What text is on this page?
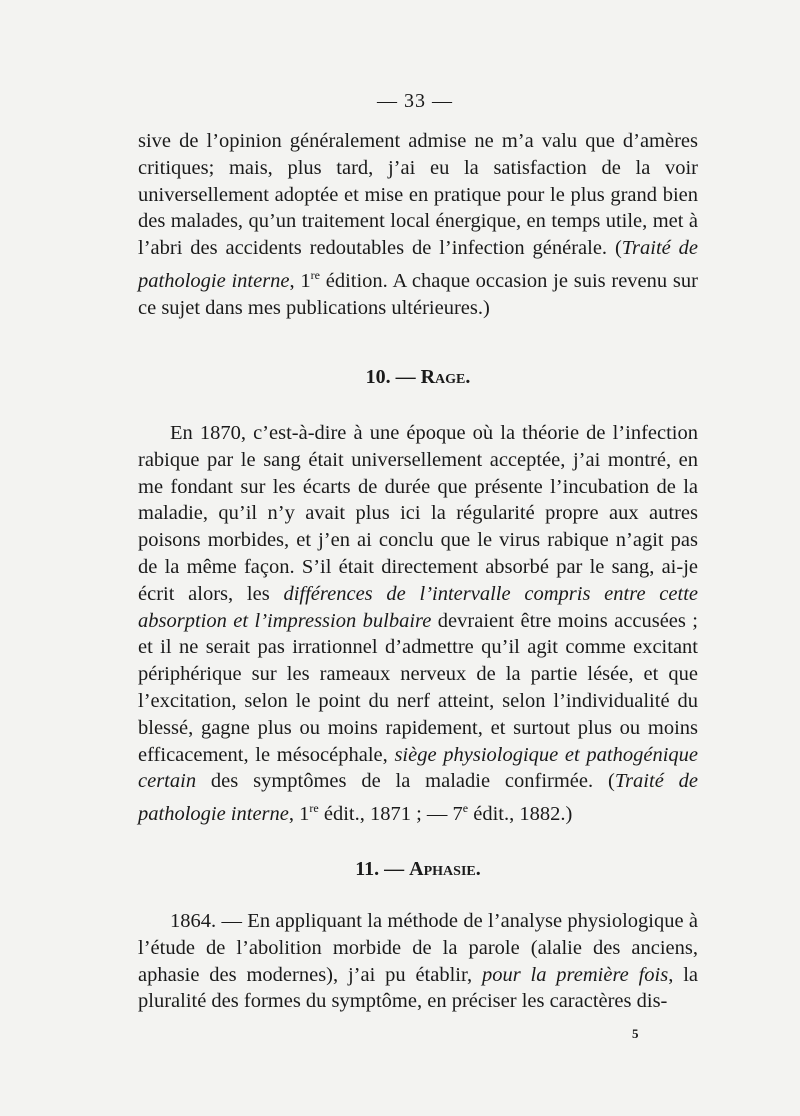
— 33 —
sive de l’opinion généralement admise ne m’a valu que d’amères critiques; mais, plus tard, j’ai eu la satisfaction de la voir universellement adoptée et mise en pratique pour le plus grand bien des malades, qu’un traitement local énergique, en temps utile, met à l’abri des accidents redoutables de l’infection générale. (Traité de pathologie interne, 1re édition. A chaque occasion je suis revenu sur ce sujet dans mes publications ultérieures.)
10. — Rage.
En 1870, c’est-à-dire à une époque où la théorie de l’infection rabique par le sang était universellement acceptée, j’ai montré, en me fondant sur les écarts de durée que présente l’incubation de la maladie, qu’il n’y avait plus ici la régularité propre aux autres poisons morbides, et j’en ai conclu que le virus rabique n’agit pas de la même façon. S’il était directement absorbé par le sang, ai-je écrit alors, les différences de l’intervalle compris entre cette absorption et l’impression bulbaire devraient être moins accusées ; et il ne serait pas irrationnel d’admettre qu’il agit comme excitant périphérique sur les rameaux nerveux de la partie lésée, et que l’excitation, selon le point du nerf atteint, selon l’individualité du blessé, gagne plus ou moins rapidement, et surtout plus ou moins efficacement, le mésocéphale, siège physiologique et pathogénique certain des symptômes de la maladie confirmée. (Traité de pathologie interne, 1re édit., 1871 ; — 7e édit., 1882.)
11. — Aphasie.
1864. — En appliquant la méthode de l’analyse physiologique à l’étude de l’abolition morbide de la parole (alalie des anciens, aphasie des modernes), j’ai pu établir, pour la première fois, la pluralité des formes du symptôme, en préciser les caractères dis-
5
